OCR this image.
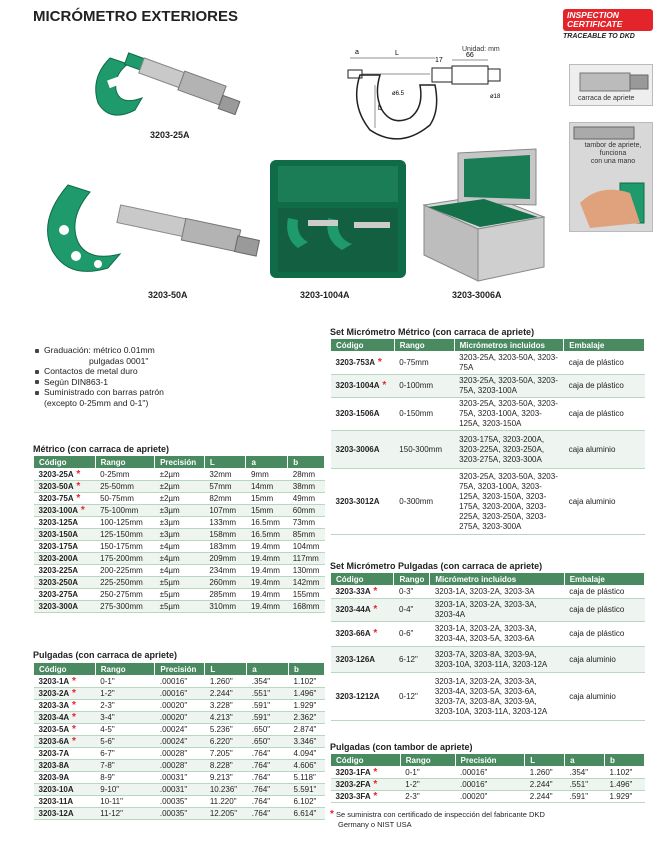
MICRÓMETRO EXTERIORES	INSPECTION
CERTIFICATE
TRACEABLE TO DKD
3203-25A
a	L
17
66
b
ø6.5	ø18
Unidad: mm
carraca de apriete
tambor de apriete,
funciona
con una mano
3203-50A	3203-1004A	3203-3006A
Graduación: métrico 0.01mm
pulgadas 0001"
Contactos de metal duro
Según DIN863-1
Suministrado con barras patrón
(excepto 0-25mm and 0-1")
Métrico (con carraca de apriete)
Código	Rango	Precisión	L	a	b
3203-25A *	0-25mm	±2µm	32mm	9mm	28mm
3203-50A *	25-50mm	±2µm	57mm	14mm	38mm
3203-75A *	50-75mm	±2µm	82mm	15mm	49mm
3203-100A *	75-100mm	±3µm	107mm	15mm	60mm
3203-125A	100-125mm	±3µm	133mm	16.5mm	73mm
3203-150A	125-150mm	±3µm	158mm	16.5mm	85mm
3203-175A	150-175mm	±4µm	183mm	19.4mm	104mm
3203-200A	175-200mm	±4µm	209mm	19.4mm	117mm
3203-225A	200-225mm	±4µm	234mm	19.4mm	130mm
3203-250A	225-250mm	±5µm	260mm	19.4mm	142mm
3203-275A	250-275mm	±5µm	285mm	19.4mm	155mm
3203-300A	275-300mm	±5µm	310mm	19.4mm	168mm
Pulgadas (con carraca de apriete)
Código	Rango	Precisión	L	a	b
3203-1A *	0-1"	.00016"	1.260"	.354"	1.102"
3203-2A *	1-2"	.00016"	2.244"	.551"	1.496"
3203-3A *	2-3"	.00020"	3.228"	.591"	1.929"
3203-4A *	3-4"	.00020"	4.213"	.591"	2.362"
3203-5A *	4-5"	.00024"	5.236"	.650"	2.874"
3203-6A *	5-6"	.00024"	6.220"	.650"	3.346"
3203-7A	6-7"	.00028"	7.205"	.764"	4.094"
3203-8A	7-8"	.00028"	8.228"	.764"	4.606"
3203-9A	8-9"	.00031"	9.213"	.764"	5.118"
3203-10A	9-10"	.00031"	10.236"	.764"	5.591"
3203-11A	10-11"	.00035"	11.220"	.764"	6.102"
3203-12A	11-12"	.00035"	12.205"	.764"	6.614"
Set Micrómetro Métrico (con carraca de apriete)
Código	Rango	Micrómetros incluidos	Embalaje
3203-753A *	0-75mm	3203-25A, 3203-50A, 3203-75A	caja de plástico
3203-1004A *	0-100mm	3203-25A, 3203-50A, 3203-75A, 3203-100A	caja de plástico
3203-1506A	0-150mm	3203-25A, 3203-50A, 3203-75A, 3203-100A, 3203-125A, 3203-150A	caja de plástico
3203-3006A	150-300mm	3203-175A, 3203-200A, 3203-225A, 3203-250A, 3203-275A, 3203-300A	caja aluminio
3203-3012A	0-300mm	3203-25A, 3203-50A, 3203-75A, 3203-100A, 3203-125A, 3203-150A, 3203-175A, 3203-200A, 3203-225A, 3203-250A, 3203-275A, 3203-300A	caja aluminio
Set Micrómetro Pulgadas (con carraca de apriete)
Código	Rango	Micrómetro incluidos	Embalaje
3203-33A *	0-3"	3203-1A, 3203-2A, 3203-3A	caja de plástico
3203-44A *	0-4"	3203-1A, 3203-2A, 3203-3A, 3203-4A	caja de plástico
3203-66A *	0-6"	3203-1A, 3203-2A, 3203-3A, 3203-4A, 3203-5A, 3203-6A	caja de plástico
3203-126A	6-12"	3203-7A, 3203-8A, 3203-9A, 3203-10A, 3203-11A, 3203-12A	caja aluminio
3203-1212A	0-12"	3203-1A, 3203-2A, 3203-3A, 3203-4A, 3203-5A, 3203-6A, 3203-7A, 3203-8A, 3203-9A, 3203-10A, 3203-11A, 3203-12A	caja aluminio
Pulgadas (con tambor de apriete)
Código	Rango	Precisión	L	a	b
3203-1FA *	0-1"	.00016"	1.260"	.354"	1.102"
3203-2FA *	1-2"	.00016"	2.244"	.551"	1.496"
3203-3FA *	2-3"	.00020"	2.244"	.591"	1.929"
* Se suministra con certificado de inspección del fabricante DKD
Germany o NIST USA
